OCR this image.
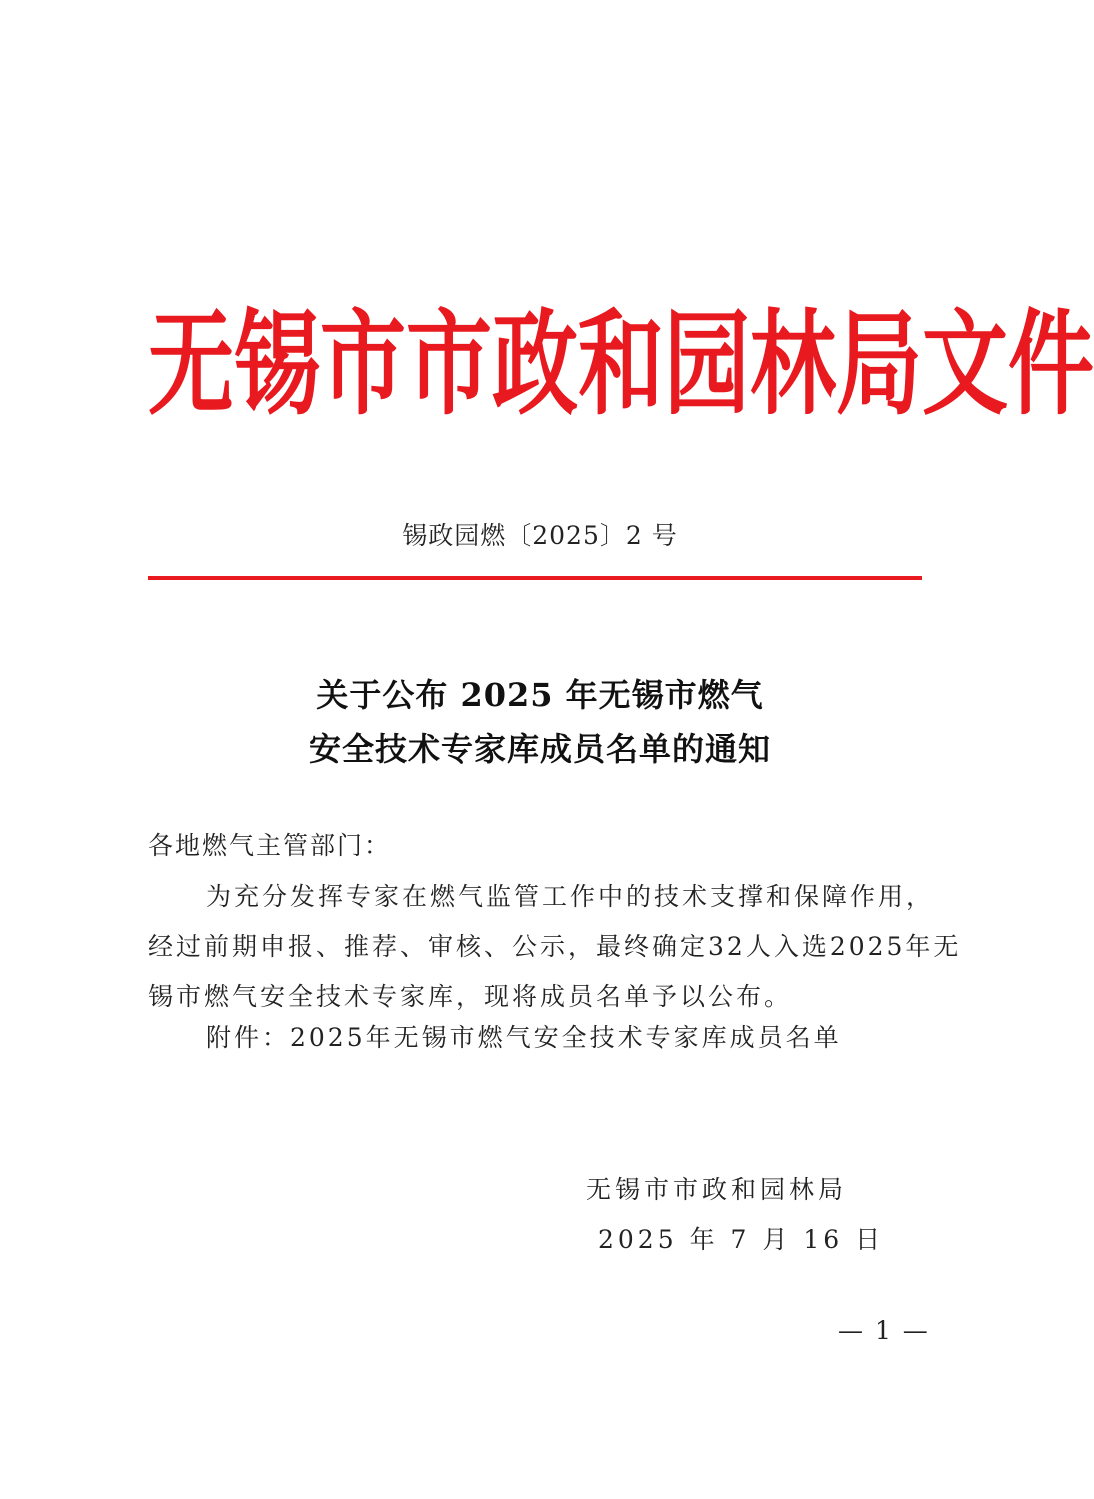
无 锡 市 市 政 和 园 林 局 文 件
锡政园燃〔2025〕2 号
关于公布 2025 年无锡市燃气
安全技术专家库成员名单的通知
各地燃气主管部门：
为充分发挥专家在燃气监管工作中的技术支撑和保障作用，
经过前期申报、推荐、审核、公示，最终确定32人入选2025年无
锡市燃气安全技术专家库，现将成员名单予以公布。
附件：2025年无锡市燃气安全技术专家库成员名单
无锡市市政和园林局
2025 年 7 月 16 日
— 1 —
